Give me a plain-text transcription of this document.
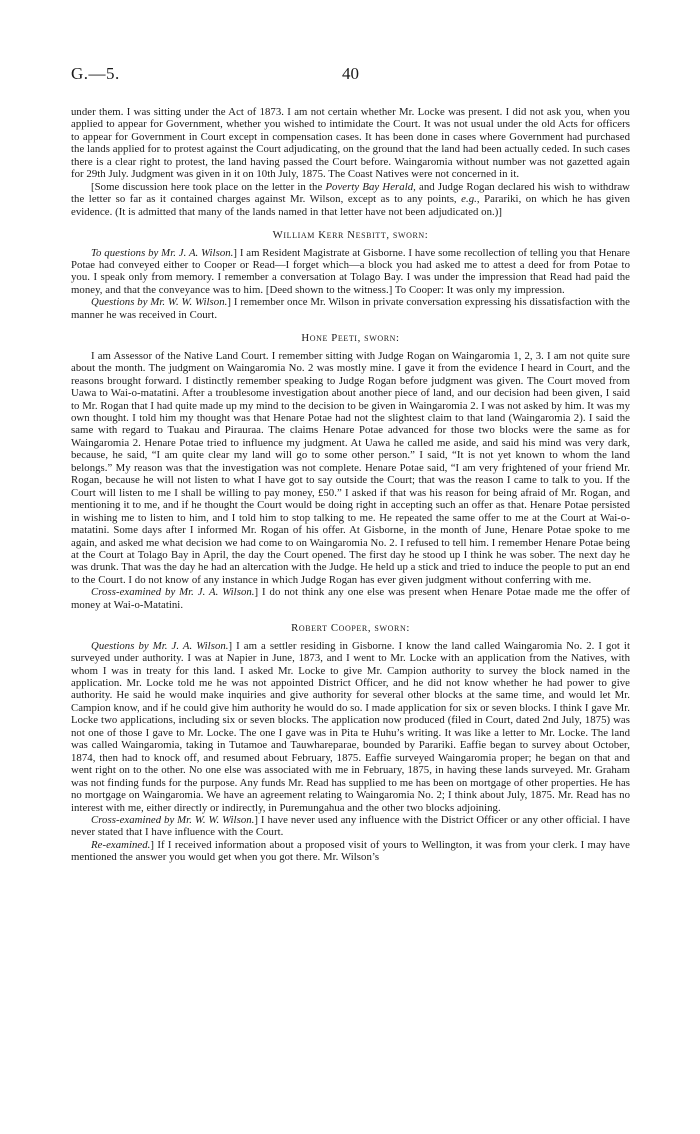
G.—5.	40

under them. I was sitting under the Act of 1873. I am not certain whether Mr. Locke was present. I did not ask you, when you applied to appear for Government, whether you wished to intimidate the Court. It was not usual under the old Acts for officers to appear for Government in Court except in compensation cases. It has been done in cases where Government had purchased the lands applied for to protest against the Court adjudicating, on the ground that the land had been actually ceded. In such cases there is a clear right to protest, the land having passed the Court before. Waingaromia without number was not gazetted again for 29th July. Judgment was given in it on 10th July, 1875. The Coast Natives were not concerned in it.

[Some discussion here took place on the letter in the Poverty Bay Herald, and Judge Rogan declared his wish to withdraw the letter so far as it contained charges against Mr. Wilson, except as to any points, e.g., Parariki, on which he has given evidence. (It is admitted that many of the lands named in that letter have not been adjudicated on.)]

William Kerr Nesbitt, sworn:

To questions by Mr. J. A. Wilson.] I am Resident Magistrate at Gisborne. I have some recollection of telling you that Henare Potae had conveyed either to Cooper or Read—I forget which—a block you had asked me to attest a deed for from Potae to you. I speak only from memory. I remember a conversation at Tolago Bay. I was under the impression that Read had paid the money, and that the conveyance was to him. [Deed shown to the witness.] To Cooper: It was only my impression.

Questions by Mr. W. W. Wilson.] I remember once Mr. Wilson in private conversation expressing his dissatisfaction with the manner he was received in Court.

Hone Peeti, sworn:

I am Assessor of the Native Land Court. I remember sitting with Judge Rogan on Waingaromia 1, 2, 3. I am not quite sure about the month. The judgment on Waingaromia No. 2 was mostly mine. I gave it from the evidence I heard in Court, and the reasons brought forward. I distinctly remember speaking to Judge Rogan before judgment was given. The Court moved from Uawa to Wai-o-matatini. After a troublesome investigation about another piece of land, and our decision had been given, I said to Mr. Rogan that I had quite made up my mind to the decision to be given in Waingaromia 2. I was not asked by him. It was my own thought. I told him my thought was that Henare Potae had not the slightest claim to that land (Waingaromia 2). I said the same with regard to Tuakau and Pirauraa. The claims Henare Potae advanced for those two blocks were the same as for Waingaromia 2. Henare Potae tried to influence my judgment. At Uawa he called me aside, and said his mind was very dark, because, he said, “I am quite clear my land will go to some other person.” I said, “It is not yet known to whom the land belongs.” My reason was that the investigation was not complete. Henare Potae said, “I am very frightened of your friend Mr. Rogan, because he will not listen to what I have got to say outside the Court; that was the reason I came to talk to you. If the Court will listen to me I shall be willing to pay money, £50.” I asked if that was his reason for being afraid of Mr. Rogan, and mentioning it to me, and if he thought the Court would be doing right in accepting such an offer as that. Henare Potae persisted in wishing me to listen to him, and I told him to stop talking to me. He repeated the same offer to me at the Court at Wai-o-matatini. Some days after I informed Mr. Rogan of his offer. At Gisborne, in the month of June, Henare Potae spoke to me again, and asked me what decision we had come to on Waingaromia No. 2. I refused to tell him. I remember Henare Potae being at the Court at Tolago Bay in April, the day the Court opened. The first day he stood up I think he was sober. The next day he was drunk. That was the day he had an altercation with the Judge. He held up a stick and tried to induce the people to put an end to the Court. I do not know of any instance in which Judge Rogan has ever given judgment without conferring with me.

Cross-examined by Mr. J. A. Wilson.] I do not think any one else was present when Henare Potae made me the offer of money at Wai-o-Matatini.

Robert Cooper, sworn:

Questions by Mr. J. A. Wilson.] I am a settler residing in Gisborne. I know the land called Waingaromia No. 2. I got it surveyed under authority. I was at Napier in June, 1873, and I went to Mr. Locke with an application from the Natives, with whom I was in treaty for this land. I asked Mr. Locke to give Mr. Campion authority to survey the block named in the application. Mr. Locke told me he was not appointed District Officer, and he did not know whether he had power to give authority. He said he would make inquiries and give authority for several other blocks at the same time, and would let Mr. Campion know, and if he could give him authority he would do so. I made application for six or seven blocks. I think I gave Mr. Locke two applications, including six or seven blocks. The application now produced (filed in Court, dated 2nd July, 1875) was not one of those I gave to Mr. Locke. The one I gave was in Pita te Huhu’s writing. It was like a letter to Mr. Locke. The land was called Waingaromia, taking in Tutamoe and Tauwhareparae, bounded by Parariki. Eaffie began to survey about October, 1874, then had to knock off, and resumed about February, 1875. Eaffie surveyed Waingaromia proper; he began on that and went right on to the other. No one else was associated with me in February, 1875, in having these lands surveyed. Mr. Graham was not finding funds for the purpose. Any funds Mr. Read has supplied to me has been on mortgage of other properties. He has no mortgage on Waingaromia. We have an agreement relating to Waingaromia No. 2; I think about July, 1875. Mr. Read has no interest with me, either directly or indirectly, in Puremungahua and the other two blocks adjoining.

Cross-examined by Mr. W. W. Wilson.] I have never used any influence with the District Officer or any other official. I have never stated that I have influence with the Court.

Re-examined.] If I received information about a proposed visit of yours to Wellington, it was from your clerk. I may have mentioned the answer you would get when you got there. Mr. Wilson’s
